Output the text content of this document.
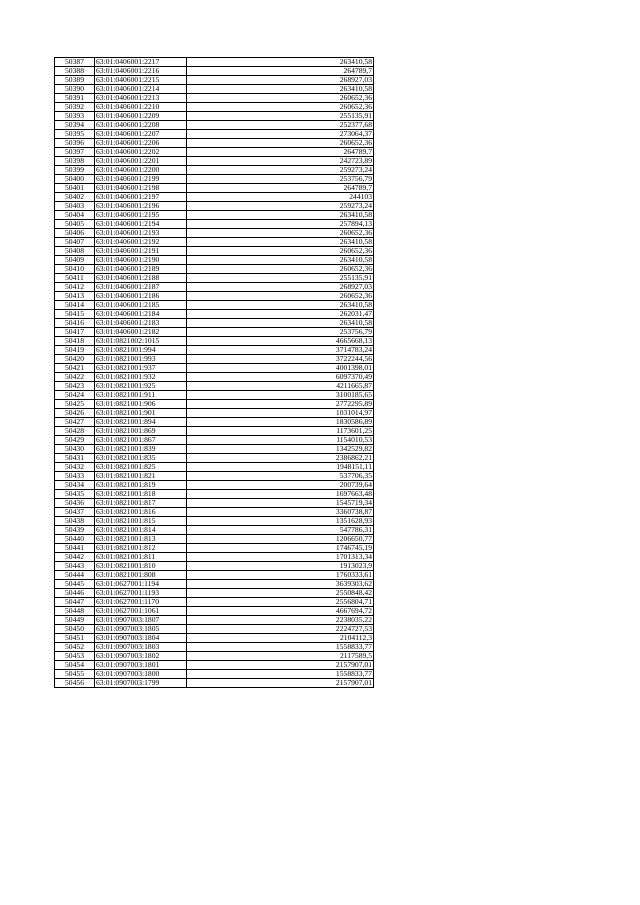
50387	63:01:0406001:2217	263410,58
50388	63:01:0406001:2216	264789,7
50389	63:01:0406001:2215	268927,03
50390	63:01:0406001:2214	263410,58
50391	63:01:0406001:2213	260652,36
50392	63:01:0406001:2210	260652,36
50393	63:01:0406001:2209	255135,91
50394	63:01:0406001:2208	252377,68
50395	63:01:0406001:2207	273064,37
50396	63:01:0406001:2206	260652,36
50397	63:01:0406001:2202	264789,7
50398	63:01:0406001:2201	242723,89
50399	63:01:0406001:2200	259273,24
50400	63:01:0406001:2199	253756,79
50401	63:01:0406001:2198	264789,7
50402	63:01:0406001:2197	244103
50403	63:01:0406001:2196	259273,24
50404	63:01:0406001:2195	263410,58
50405	63:01:0406001:2194	257894,13
50406	63:01:0406001:2193	260652,36
50407	63:01:0406001:2192	263410,58
50408	63:01:0406001:2191	260652,36
50409	63:01:0406001:2190	263410,58
50410	63:01:0406001:2189	260652,36
50411	63:01:0406001:2188	255135,91
50412	63:01:0406001:2187	268927,03
50413	63:01:0406001:2186	260652,36
50414	63:01:0406001:2185	263410,58
50415	63:01:0406001:2184	262031,47
50416	63:01:0406001:2183	263410,58
50417	63:01:0406001:2182	253756,79
50418	63:01:0821002:1015	4665668,13
50419	63:01:0821001:994	3714783,24
50420	63:01:0821001:993	3722244,56
50421	63:01:0821001:937	4001398,01
50422	63:01:0821001:932	6097370,49
50423	63:01:0821001:925	4211665,87
50424	63:01:0821001:911	3100185,65
50425	63:01:0821001:906	2772295,89
50426	63:01:0821001:901	1031014,97
50427	63:01:0821001:894	1830586,89
50428	63:01:0821001:869	1173601,25
50429	63:01:0821001:867	1154010,53
50430	63:01:0821001:839	1342529,82
50431	63:01:0821001:835	2386862,21
50432	63:01:0821001:825	1948151,11
50433	63:01:0821001:821	537706,35
50434	63:01:0821001:819	200739,64
50435	63:01:0821001:818	1697663,48
50436	63:01:0821001:817	1545719,34
50437	63:01:0821001:816	3360738,87
50438	63:01:0821001:815	1351628,93
50439	63:01:0821001:814	547786,31
50440	63:01:0821001:813	1206650,77
50441	63:01:0821001:812	1746745,19
50442	63:01:0821001:811	1701313,34
50443	63:01:0821001:810	1913023,9
50444	63:01:0821001:808	1760333,61
50445	63:01:0627001:1194	3639303,62
50446	63:01:0627001:1193	2550848,42
50447	63:01:0627001:1170	2556804,71
50448	63:01:0627001:1061	4667694,72
50449	63:01:0907003:1807	2238035,22
50450	63:01:0907003:1805	2224727,53
50451	63:01:0907003:1804	2104112,3
50452	63:01:0907003:1803	1558833,77
50453	63:01:0907003:1802	2117589,5
50454	63:01:0907003:1801	2157907,01
50455	63:01:0907003:1800	1558833,77
50456	63:01:0907003:1799	2157907,01
